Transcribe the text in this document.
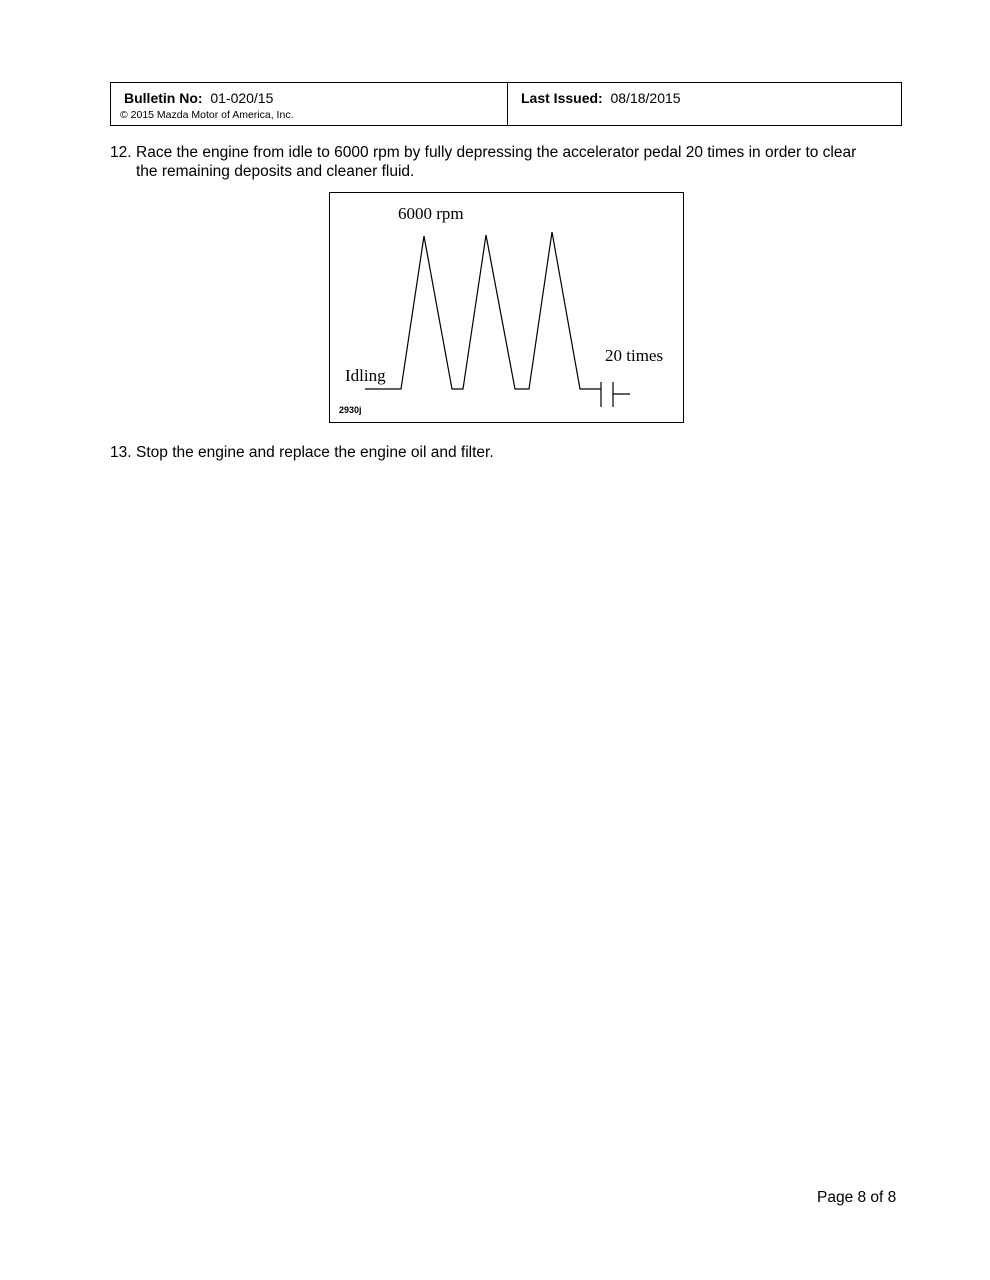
Bulletin No: 01-020/15
© 2015 Mazda Motor of America, Inc.
Last Issued: 08/18/2015
12. Race the engine from idle to 6000 rpm by fully depressing the accelerator pedal 20 times in order to clear
the remaining deposits and cleaner fluid.
6000 rpm
20 times
Idling
2930j
13. Stop the engine and replace the engine oil and filter.
Page 8 of 8
